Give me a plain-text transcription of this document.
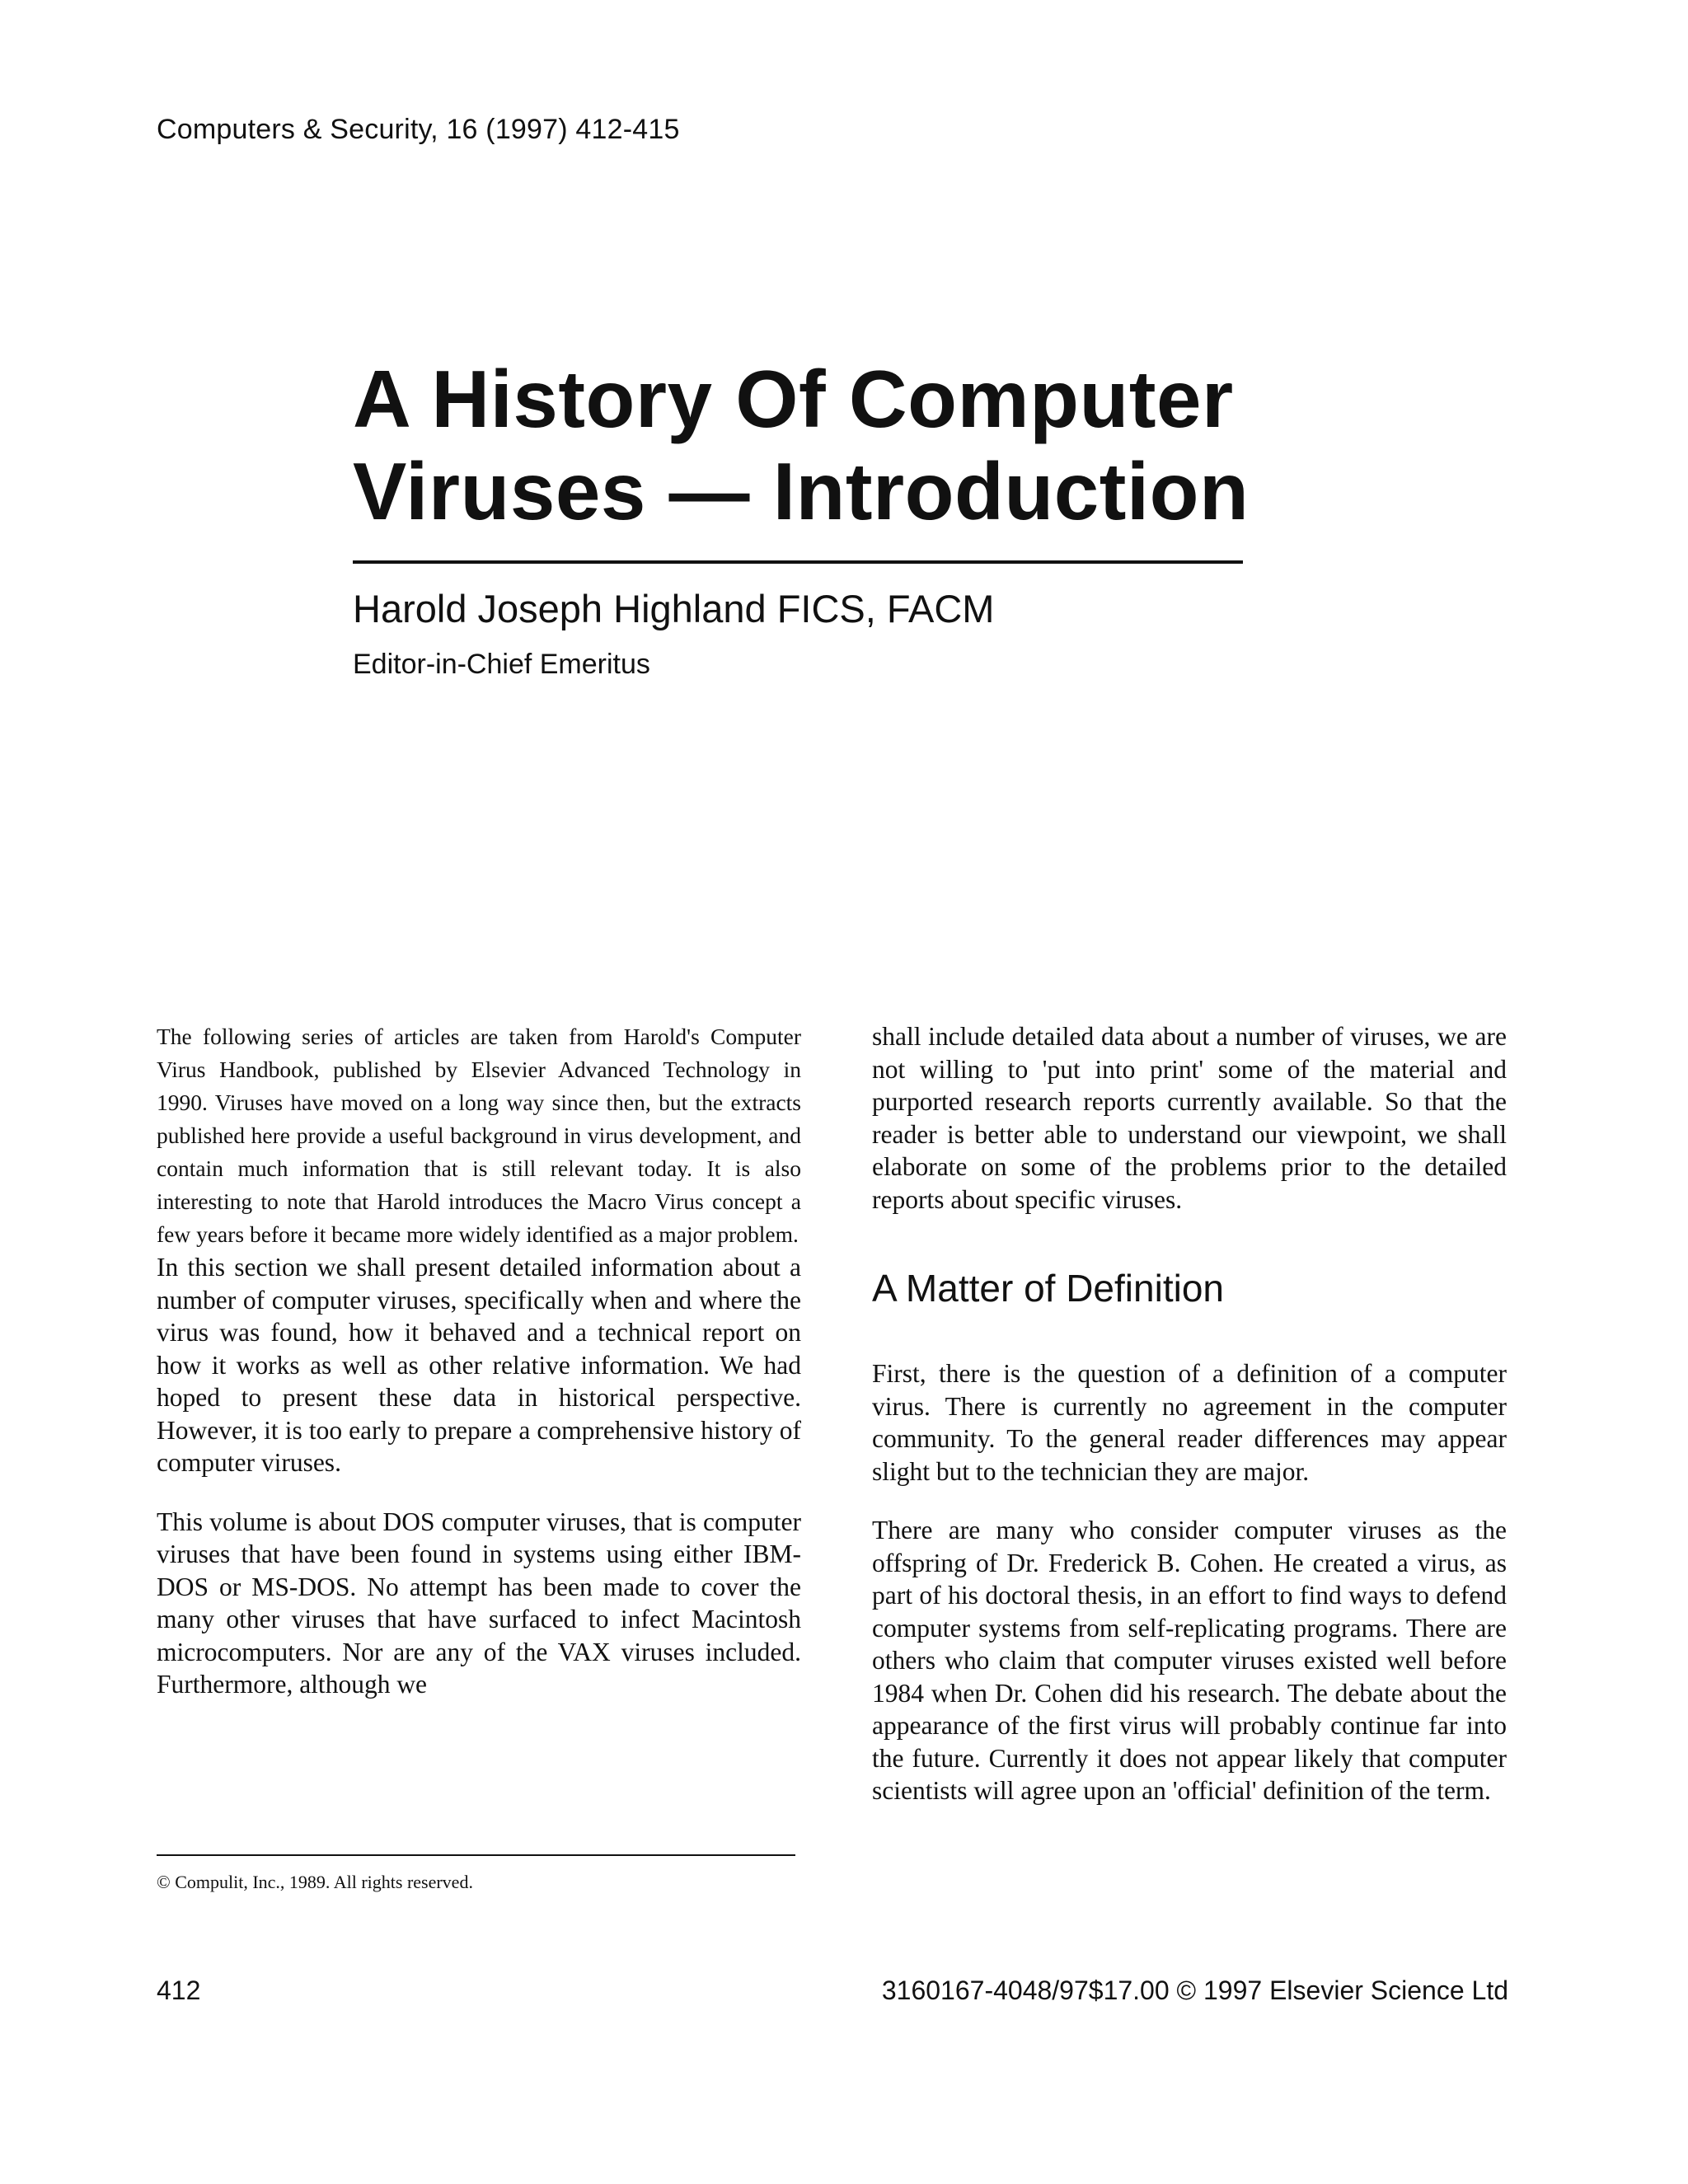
Computers & Security, 16 (1997) 412-415
A History Of Computer Viruses — Introduction
Harold Joseph Highland FICS, FACM
Editor-in-Chief Emeritus

The following series of articles are taken from Harold's Computer Virus Handbook, published by Elsevier Advanced Technology in 1990. Viruses have moved on a long way since then, but the extracts published here provide a useful background in virus development, and contain much information that is still relevant today. It is also interesting to note that Harold introduces the Macro Virus concept a few years before it became more widely identified as a major problem.

In this section we shall present detailed information about a number of computer viruses, specifically when and where the virus was found, how it behaved and a technical report on how it works as well as other relative information. We had hoped to present these data in historical perspective. However, it is too early to prepare a comprehensive history of computer viruses.

This volume is about DOS computer viruses, that is computer viruses that have been found in systems using either IBM-DOS or MS-DOS. No attempt has been made to cover the many other viruses that have surfaced to infect Macintosh microcomputers. Nor are any of the VAX viruses included. Furthermore, although we

shall include detailed data about a number of viruses, we are not willing to 'put into print' some of the material and purported research reports currently available. So that the reader is better able to understand our viewpoint, we shall elaborate on some of the problems prior to the detailed reports about specific viruses.

A Matter of Definition

First, there is the question of a definition of a computer virus. There is currently no agreement in the computer community. To the general reader differences may appear slight but to the technician they are major.

There are many who consider computer viruses as the offspring of Dr. Frederick B. Cohen. He created a virus, as part of his doctoral thesis, in an effort to find ways to defend computer systems from self-replicating programs. There are others who claim that computer viruses existed well before 1984 when Dr. Cohen did his research. The debate about the appearance of the first virus will probably continue far into the future. Currently it does not appear likely that computer scientists will agree upon an 'official' definition of the term.

© Compulit, Inc., 1989. All rights reserved.
412	3160167-4048/97$17.00 © 1997 Elsevier Science Ltd
